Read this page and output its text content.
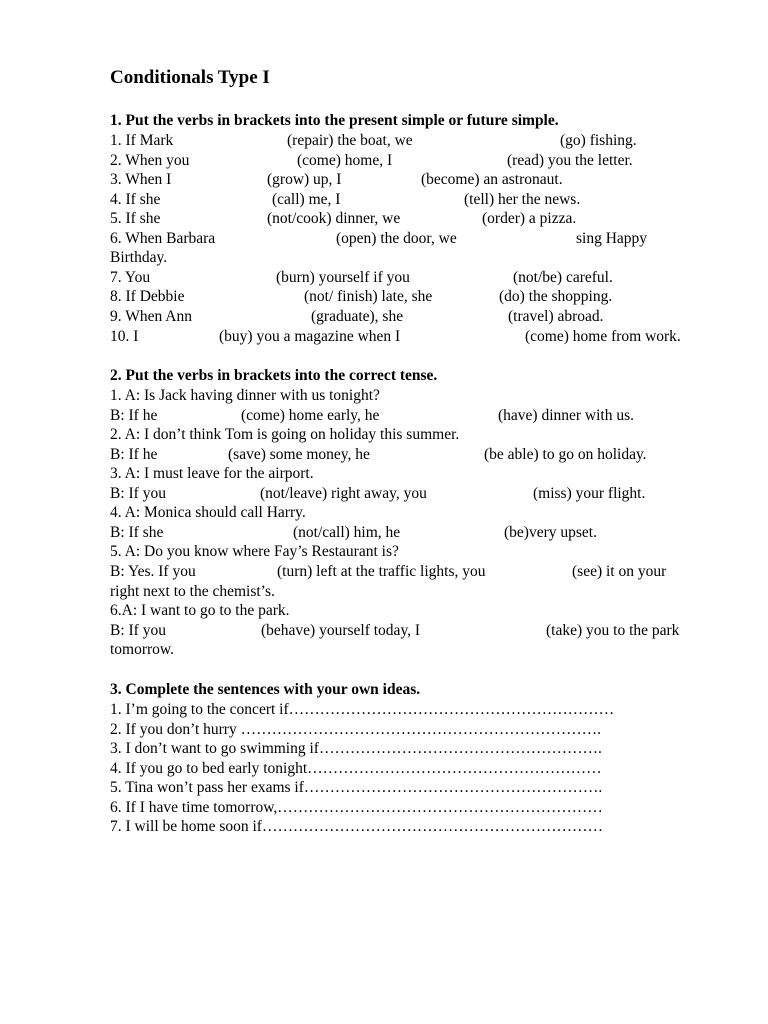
Conditionals Type I
1. Put the verbs in brackets into the present simple or future simple.
1. If Mark	(repair) the boat, we	(go) fishing.
2. When you	(come) home, I	(read) you the letter.
3. When I	(grow) up, I	(become) an astronaut.
4. If she	(call) me, I	(tell) her the news.
5. If she	(not/cook) dinner, we	(order) a pizza.
6. When Barbara	(open) the door, we	sing Happy
Birthday.
7. You	(burn) yourself if you	(not/be) careful.
8. If Debbie	(not/ finish) late, she	(do) the shopping.
9. When Ann	(graduate), she	(travel) abroad.
10. I	(buy) you a magazine when I	(come) home from work.
2. Put the verbs in brackets into the correct tense.
1. A: Is Jack having dinner with us tonight?
B: If he	(come) home early, he	(have) dinner with us.
2. A: I don’t think Tom is going on holiday this summer.
B: If he	(save) some money, he	(be able) to go on holiday.
3. A: I must leave for the airport.
B: If you	(not/leave) right away, you	(miss) your flight.
4. A: Monica should call Harry.
B: If she	(not/call) him, he	(be)very upset.
5. A: Do you know where Fay’s Restaurant is?
B: Yes. If you	(turn) left at the traffic lights, you	(see) it on your
right next to the chemist’s.
6.A: I want to go to the park.
B: If you	(behave) yourself today, I	(take) you to the park
tomorrow.
3. Complete the sentences with your own ideas.
1. I’m going to the concert if………………………………………………………
2. If you don’t hurry …………………………………………………………….
3. I don’t want to go swimming if……………………………………………….
4. If you go to bed early tonight…………………………………………………
5. Tina won’t pass her exams if………………………………………………….
6. If I have time tomorrow,………………………………………………………
7. I will be home soon if…………………………………………………………
